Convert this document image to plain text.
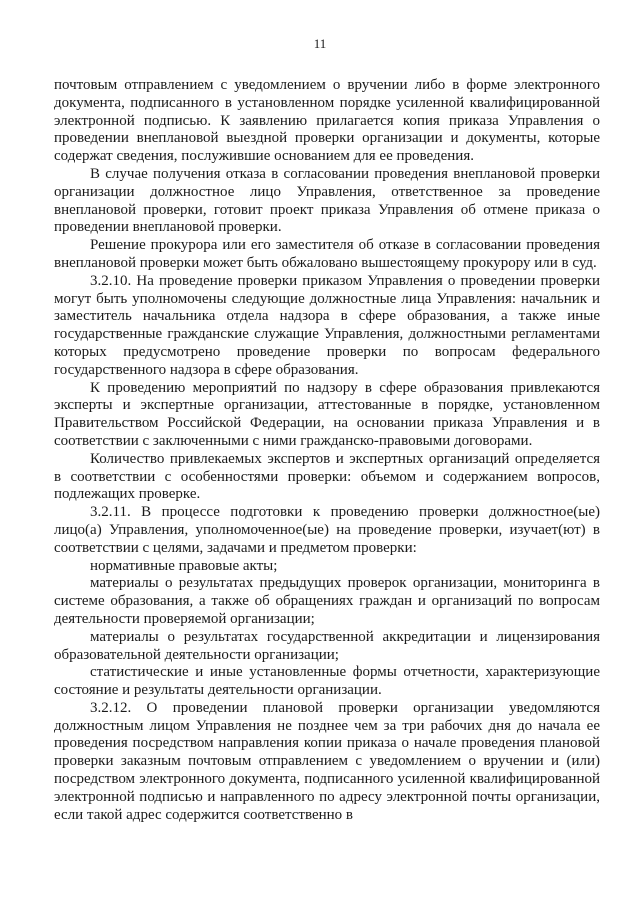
11

почтовым отправлением с уведомлением о вручении либо в форме электронного документа, подписанного в установленном порядке усиленной квалифицированной электронной подписью. К заявлению прилагается копия приказа Управления о проведении внеплановой выездной проверки организации и документы, которые содержат сведения, послужившие основанием для ее проведения.

В случае получения отказа в согласовании проведения внеплановой проверки организации должностное лицо Управления, ответственное за проведение внеплановой проверки, готовит проект приказа Управления об отмене приказа о проведении внеплановой проверки.

Решение прокурора или его заместителя об отказе в согласовании проведения внеплановой проверки может быть обжаловано вышестоящему прокурору или в суд.

3.2.10. На проведение проверки приказом Управления о проведении проверки могут быть уполномочены следующие должностные лица Управления: начальник и заместитель начальника отдела надзора в сфере образования, а также иные государственные гражданские служащие Управления, должностными регламентами которых предусмотрено проведение проверки по вопросам федерального государственного надзора в сфере образования.

К проведению мероприятий по надзору в сфере образования привлекаются эксперты и экспертные организации, аттестованные в порядке, установленном Правительством Российской Федерации, на основании приказа Управления и в соответствии с заключенными с ними гражданско-правовыми договорами.

Количество привлекаемых экспертов и экспертных организаций определяется в соответствии с особенностями проверки: объемом и содержанием вопросов, подлежащих проверке.

3.2.11. В процессе подготовки к проведению проверки должностное(ые) лицо(а) Управления, уполномоченное(ые) на проведение проверки, изучает(ют) в соответствии с целями, задачами и предметом проверки:

нормативные правовые акты;

материалы о результатах предыдущих проверок организации, мониторинга в системе образования, а также об обращениях граждан и организаций по вопросам деятельности проверяемой организации;

материалы о результатах государственной аккредитации и лицензирования образовательной деятельности организации;

статистические и иные установленные формы отчетности, характеризующие состояние и результаты деятельности организации.

3.2.12. О проведении плановой проверки организации уведомляются должностным лицом Управления не позднее чем за три рабочих дня до начала ее проведения посредством направления копии приказа о начале проведения плановой проверки заказным почтовым отправлением с уведомлением о вручении и (или) посредством электронного документа, подписанного усиленной квалифицированной электронной подписью и направленного по адресу электронной почты организации, если такой адрес содержится соответственно в
